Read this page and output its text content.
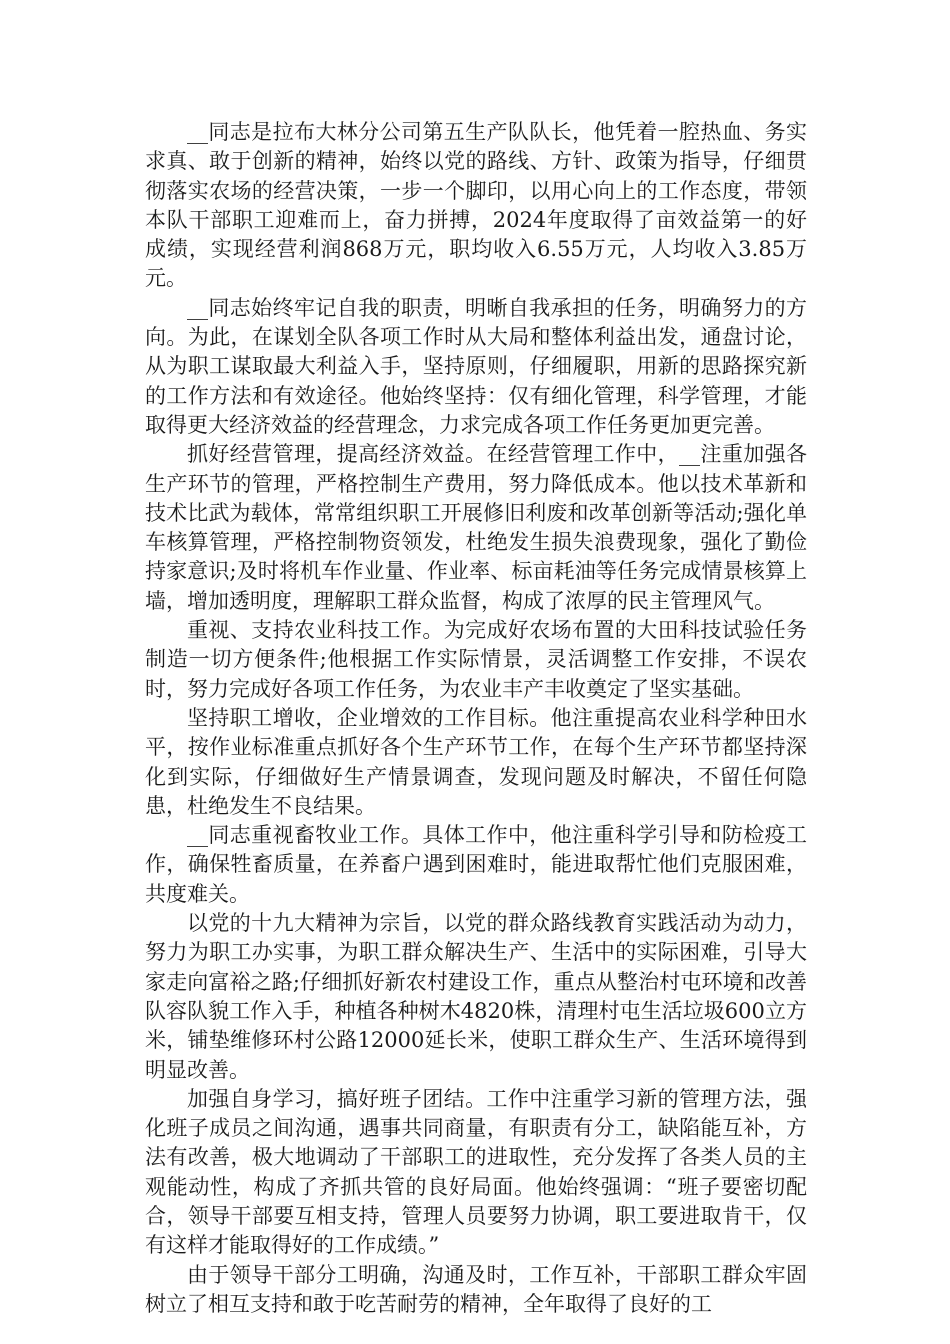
__同志是拉布大林分公司第五生产队队长，他凭着一腔热血、务实求真、敢于创新的精神，始终以党的路线、方针、政策为指导，仔细贯彻落实农场的经营决策，一步一个脚印，以用心向上的工作态度，带领本队干部职工迎难而上，奋力拼搏，2024年度取得了亩效益第一的好成绩，实现经营利润868万元，职均收入6.55万元，人均收入3.85万元。

__同志始终牢记自我的职责，明晰自我承担的任务，明确努力的方向。为此，在谋划全队各项工作时从大局和整体利益出发，通盘讨论，从为职工谋取最大利益入手，坚持原则，仔细履职，用新的思路探究新的工作方法和有效途径。他始终坚持：仅有细化管理，科学管理，才能取得更大经济效益的经营理念，力求完成各项工作任务更加更完善。

抓好经营管理，提高经济效益。在经营管理工作中，__注重加强各生产环节的管理，严格控制生产费用，努力降低成本。他以技术革新和技术比武为载体，常常组织职工开展修旧利废和改革创新等活动;强化单车核算管理，严格控制物资领发，杜绝发生损失浪费现象，强化了勤俭持家意识;及时将机车作业量、作业率、标亩耗油等任务完成情景核算上墙，增加透明度，理解职工群众监督，构成了浓厚的民主管理风气。

重视、支持农业科技工作。为完成好农场布置的大田科技试验任务制造一切方便条件;他根据工作实际情景，灵活调整工作安排，不误农时，努力完成好各项工作任务，为农业丰产丰收奠定了坚实基础。

坚持职工增收，企业增效的工作目标。他注重提高农业科学种田水平，按作业标准重点抓好各个生产环节工作，在每个生产环节都坚持深化到实际，仔细做好生产情景调查，发现问题及时解决，不留任何隐患，杜绝发生不良结果。

__同志重视畜牧业工作。具体工作中，他注重科学引导和防检疫工作，确保牲畜质量，在养畜户遇到困难时，能进取帮忙他们克服困难，共度难关。

以党的十九大精神为宗旨，以党的群众路线教育实践活动为动力，努力为职工办实事，为职工群众解决生产、生活中的实际困难，引导大家走向富裕之路;仔细抓好新农村建设工作，重点从整治村屯环境和改善队容队貌工作入手，种植各种树木4820株，清理村屯生活垃圾600立方米，铺垫维修环村公路12000延长米，使职工群众生产、生活环境得到明显改善。

加强自身学习，搞好班子团结。工作中注重学习新的管理方法，强化班子成员之间沟通，遇事共同商量，有职责有分工，缺陷能互补，方法有改善，极大地调动了干部职工的进取性，充分发挥了各类人员的主观能动性，构成了齐抓共管的良好局面。他始终强调：“班子要密切配合，领导干部要互相支持，管理人员要努力协调，职工要进取肯干，仅有这样才能取得好的工作成绩。”

由于领导干部分工明确，沟通及时，工作互补，干部职工群众牢固树立了相互支持和敢于吃苦耐劳的精神，全年取得了良好的工
